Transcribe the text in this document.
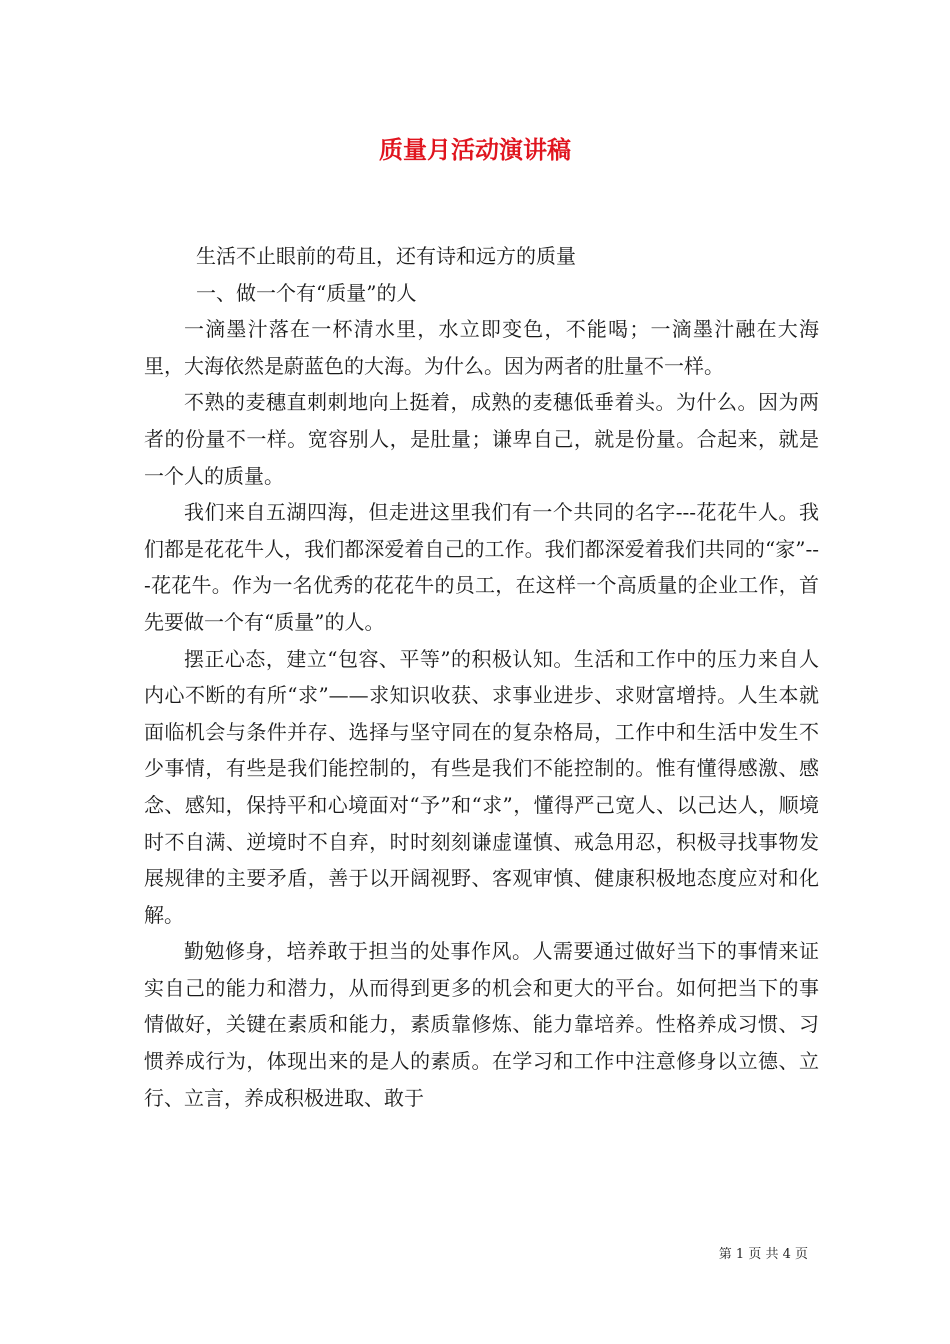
质量月活动演讲稿

生活不止眼前的苟且，还有诗和远方的质量

一、做一个有“质量”的人

一滴墨汁落在一杯清水里，水立即变色，不能喝；一滴墨汁融在大海里，大海依然是蔚蓝色的大海。为什么。因为两者的肚量不一样。

不熟的麦穗直刺刺地向上挺着，成熟的麦穗低垂着头。为什么。因为两者的份量不一样。宽容别人，是肚量；谦卑自己，就是份量。合起来，就是一个人的质量。

我们来自五湖四海，但走进这里我们有一个共同的名字---花花牛人。我们都是花花牛人，我们都深爱着自己的工作。我们都深爱着我们共同的“家”---花花牛。作为一名优秀的花花牛的员工，在这样一个高质量的企业工作，首先要做一个有“质量”的人。

摆正心态，建立“包容、平等”的积极认知。生活和工作中的压力来自人内心不断的有所“求”——求知识收获、求事业进步、求财富增持。人生本就面临机会与条件并存、选择与坚守同在的复杂格局，工作中和生活中发生不少事情，有些是我们能控制的，有些是我们不能控制的。惟有懂得感激、感念、感知，保持平和心境面对“予”和“求”，懂得严己宽人、以己达人，顺境时不自满、逆境时不自弃，时时刻刻谦虚谨慎、戒急用忍，积极寻找事物发展规律的主要矛盾，善于以开阔视野、客观审慎、健康积极地态度应对和化解。

勤勉修身，培养敢于担当的处事作风。人需要通过做好当下的事情来证实自己的能力和潜力，从而得到更多的机会和更大的平台。如何把当下的事情做好，关键在素质和能力，素质靠修炼、能力靠培养。性格养成习惯、习惯养成行为，体现出来的是人的素质。在学习和工作中注意修身以立德、立行、立言，养成积极进取、敢于

第 1 页 共 4 页
